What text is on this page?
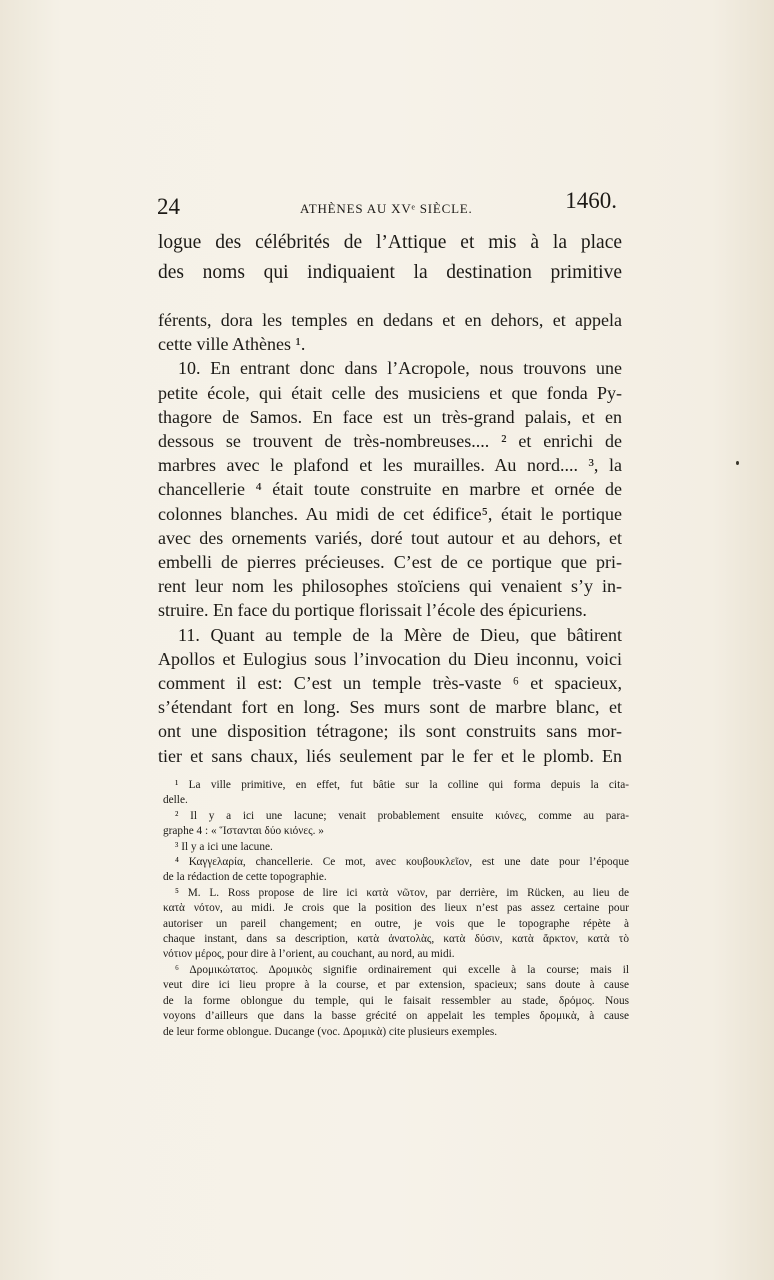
24	ATHÈNES AU XVᵉ SIÈCLE.	1460.
logue des célébrités de l’Attique et mis à la place
des noms qui indiquaient la destination primitive
férents, dora les temples en dedans et en dehors, et appela
cette ville Athènes ¹.
10. En entrant donc dans l’Acropole, nous trouvons une
petite école, qui était celle des musiciens et que fonda Py-
thagore de Samos. En face est un très-grand palais, et en
dessous se trouvent de très-nombreuses.... ² et enrichi de
marbres avec le plafond et les murailles. Au nord.... ³, la
chancellerie ⁴ était toute construite en marbre et ornée de
colonnes blanches. Au midi de cet édifice⁵, était le portique
avec des ornements variés, doré tout autour et au dehors, et
embelli de pierres précieuses. C’est de ce portique que pri-
rent leur nom les philosophes stoïciens qui venaient s’y in-
struire. En face du portique florissait l’école des épicuriens.
11. Quant au temple de la Mère de Dieu, que bâtirent
Apollos et Eulogius sous l’invocation du Dieu inconnu, voici
comment il est: C’est un temple très-vaste ⁶ et spacieux,
s’étendant fort en long. Ses murs sont de marbre blanc, et
ont une disposition tétragone; ils sont construits sans mor-
tier et sans chaux, liés seulement par le fer et le plomb. En
¹ La ville primitive, en effet, fut bâtie sur la colline qui forma depuis la cita-
delle.
² Il y a ici une lacune; venait probablement ensuite κιόνες, comme au para-
graphe 4 : « Ἵστανται δύο κιόνες. »
³ Il y a ici une lacune.
⁴ Καγγελαρία, chancellerie. Ce mot, avec κουβουκλεῖον, est une date pour l’époque
de la rédaction de cette topographie.
⁵ M. L. Ross propose de lire ici κατὰ νῶτον, par derrière, im Rücken, au lieu de
κατὰ νότον, au midi. Je crois que la position des lieux n’est pas assez certaine pour
autoriser un pareil changement; en outre, je vois que le topographe répète à
chaque instant, dans sa description, κατὰ ἀνατολὰς, κατὰ δύσιν, κατὰ ἄρκτον, κατὰ τὸ
νότιον μέρος, pour dire à l’orient, au couchant, au nord, au midi.
⁶ Δρομικώτατος. Δρομικὸς signifie ordinairement qui excelle à la course; mais il
veut dire ici lieu propre à la course, et par extension, spacieux; sans doute à cause
de la forme oblongue du temple, qui le faisait ressembler au stade, δρόμος. Nous
voyons d’ailleurs que dans la basse grécité on appelait les temples δρομικὰ, à cause
de leur forme oblongue. Ducange (voc. Δρομικὰ) cite plusieurs exemples.
